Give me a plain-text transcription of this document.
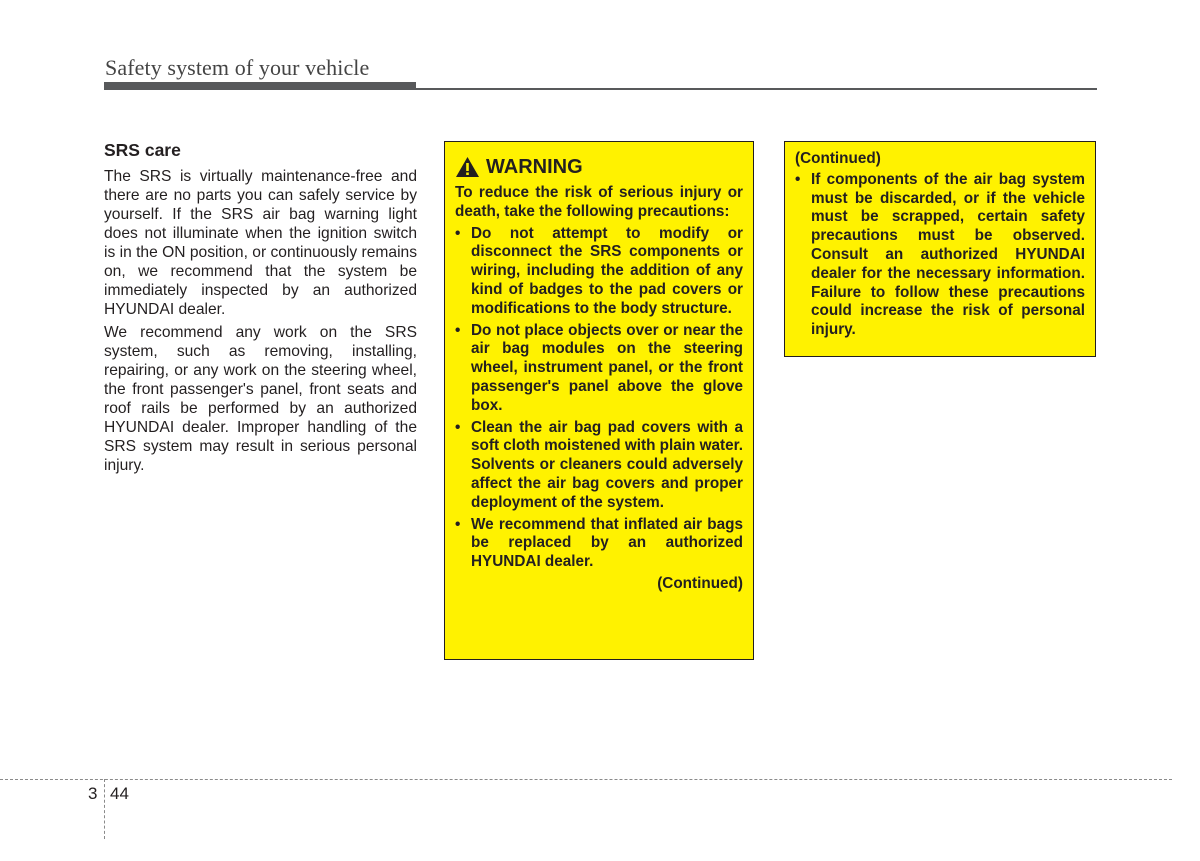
Safety system of your vehicle
SRS care

The SRS is virtually maintenance-free and there are no parts you can safely service by yourself. If the SRS air bag warning light does not illuminate when the ignition switch is in the ON position, or continuously remains on, we recommend that the system be immediately inspected by an authorized HYUNDAI dealer.

We recommend any work on the SRS system, such as removing, installing, repairing, or any work on the steering wheel, the front passenger's panel, front seats and roof rails be performed by an authorized HYUNDAI dealer. Improper handling of the SRS system may result in serious personal injury.

WARNING
To reduce the risk of serious injury or death, take the following precautions:
• Do not attempt to modify or disconnect the SRS components or wiring, including the addition of any kind of badges to the pad covers or modifications to the body structure.
• Do not place objects over or near the air bag modules on the steering wheel, instrument panel, or the front passenger's panel above the glove box.
• Clean the air bag pad covers with a soft cloth moistened with plain water. Solvents or cleaners could adversely affect the air bag covers and proper deployment of the system.
• We recommend that inflated air bags be replaced by an authorized HYUNDAI dealer.
(Continued)
(Continued)
• If components of the air bag system must be discarded, or if the vehicle must be scrapped, certain safety precautions must be observed. Consult an authorized HYUNDAI dealer for the necessary information. Failure to follow these precautions could increase the risk of personal injury.
3 44
